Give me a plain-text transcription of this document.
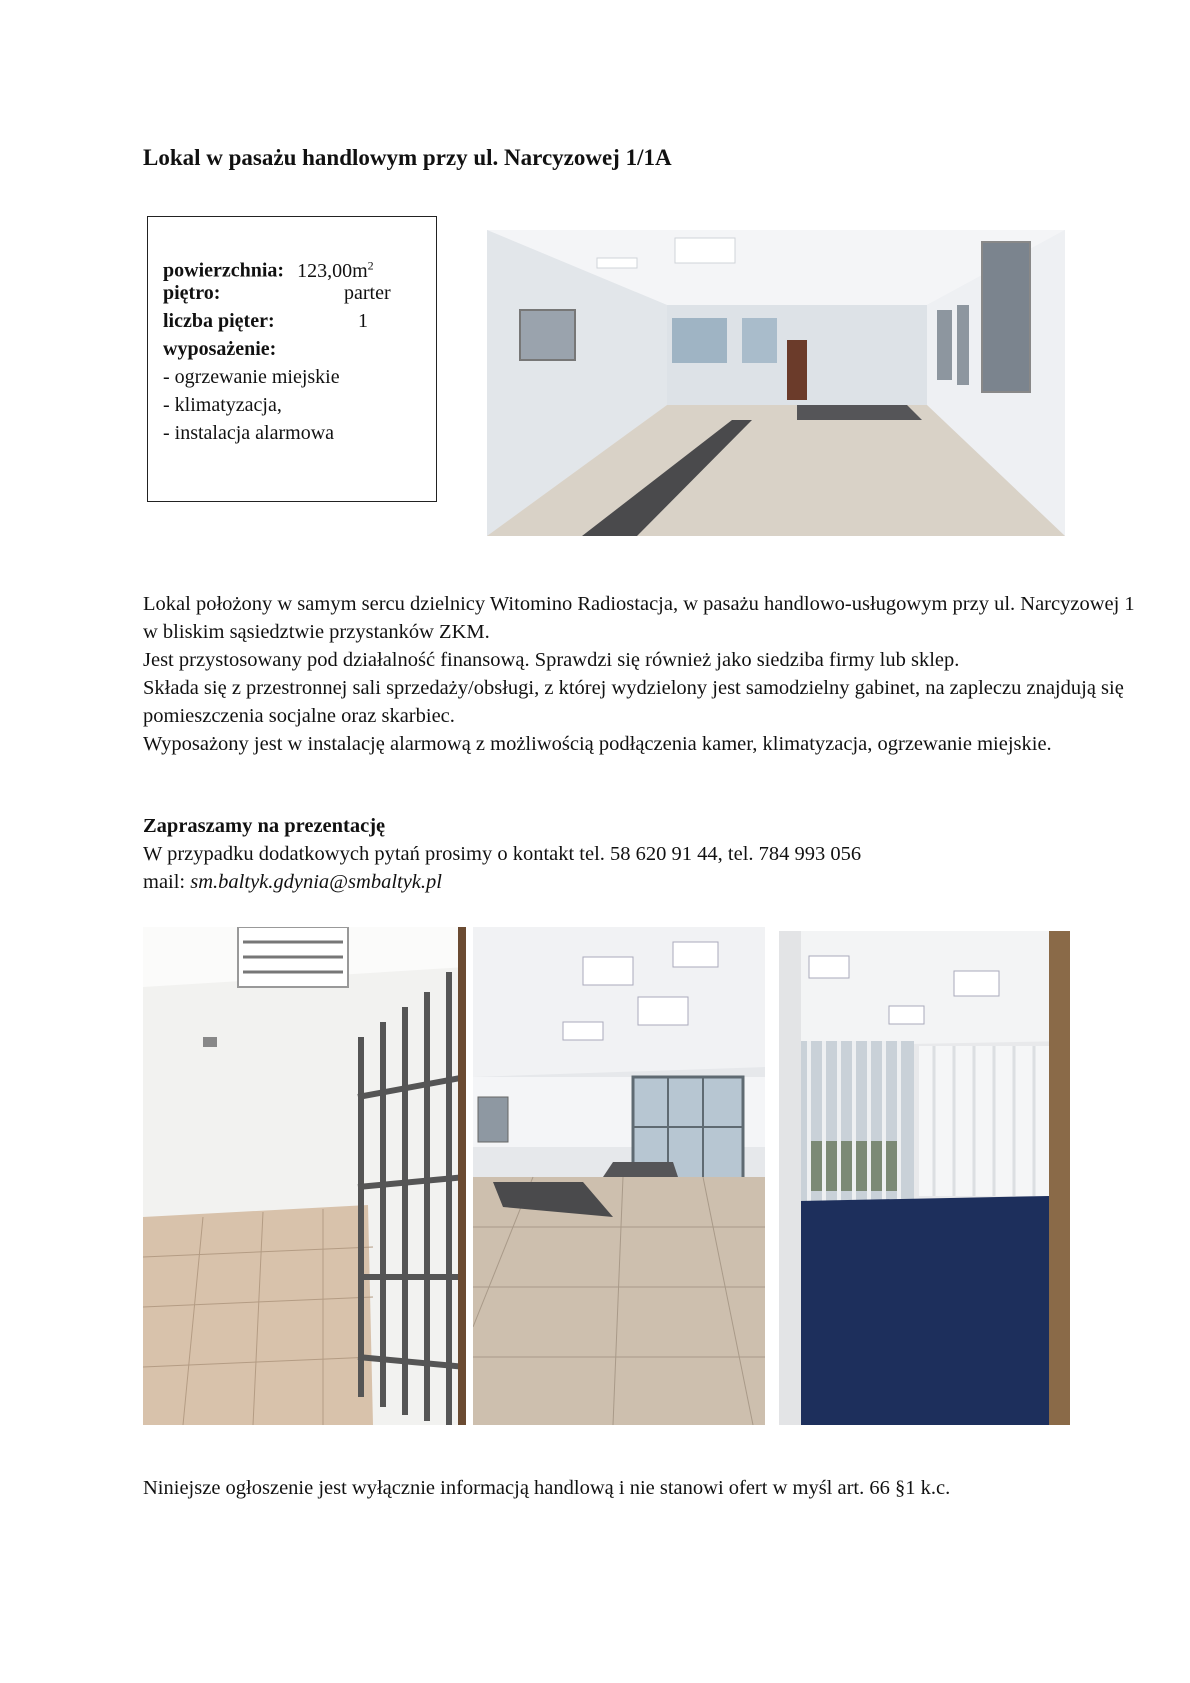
Lokal w pasażu handlowym przy ul. Narcyzowej 1/1A
powierzchnia: $123,00m^2$
piętro:	parter
liczba pięter:	1
wyposażenie:
- ogrzewanie miejskie
- klimatyzacja,
- instalacja alarmowa

Lokal położony w samym sercu dzielnicy Witomino Radiostacja, w pasażu handlowo-usługowym przy ul. Narcyzowej 1 w bliskim sąsiedztwie przystanków ZKM.

Jest przystosowany pod działalność finansową. Sprawdzi się również jako siedziba firmy lub sklep.

Składa się z przestronnej sali sprzedaży/obsługi, z której wydzielony jest samodzielny gabinet, na zapleczu znajdują się pomieszczenia socjalne oraz skarbiec.

Wyposażony jest w instalację alarmową z możliwością podłączenia kamer, klimatyzacja, ogrzewanie miejskie.

Zapraszamy na prezentację
W przypadku dodatkowych pytań prosimy o kontakt tel. 58 620 91 44, tel. 784 993 056
mail: sm.baltyk.gdynia@smbaltyk.pl
Niniejsze ogłoszenie jest wyłącznie informacją handlową i nie stanowi ofert w myśl art. 66 §1 k.c.
